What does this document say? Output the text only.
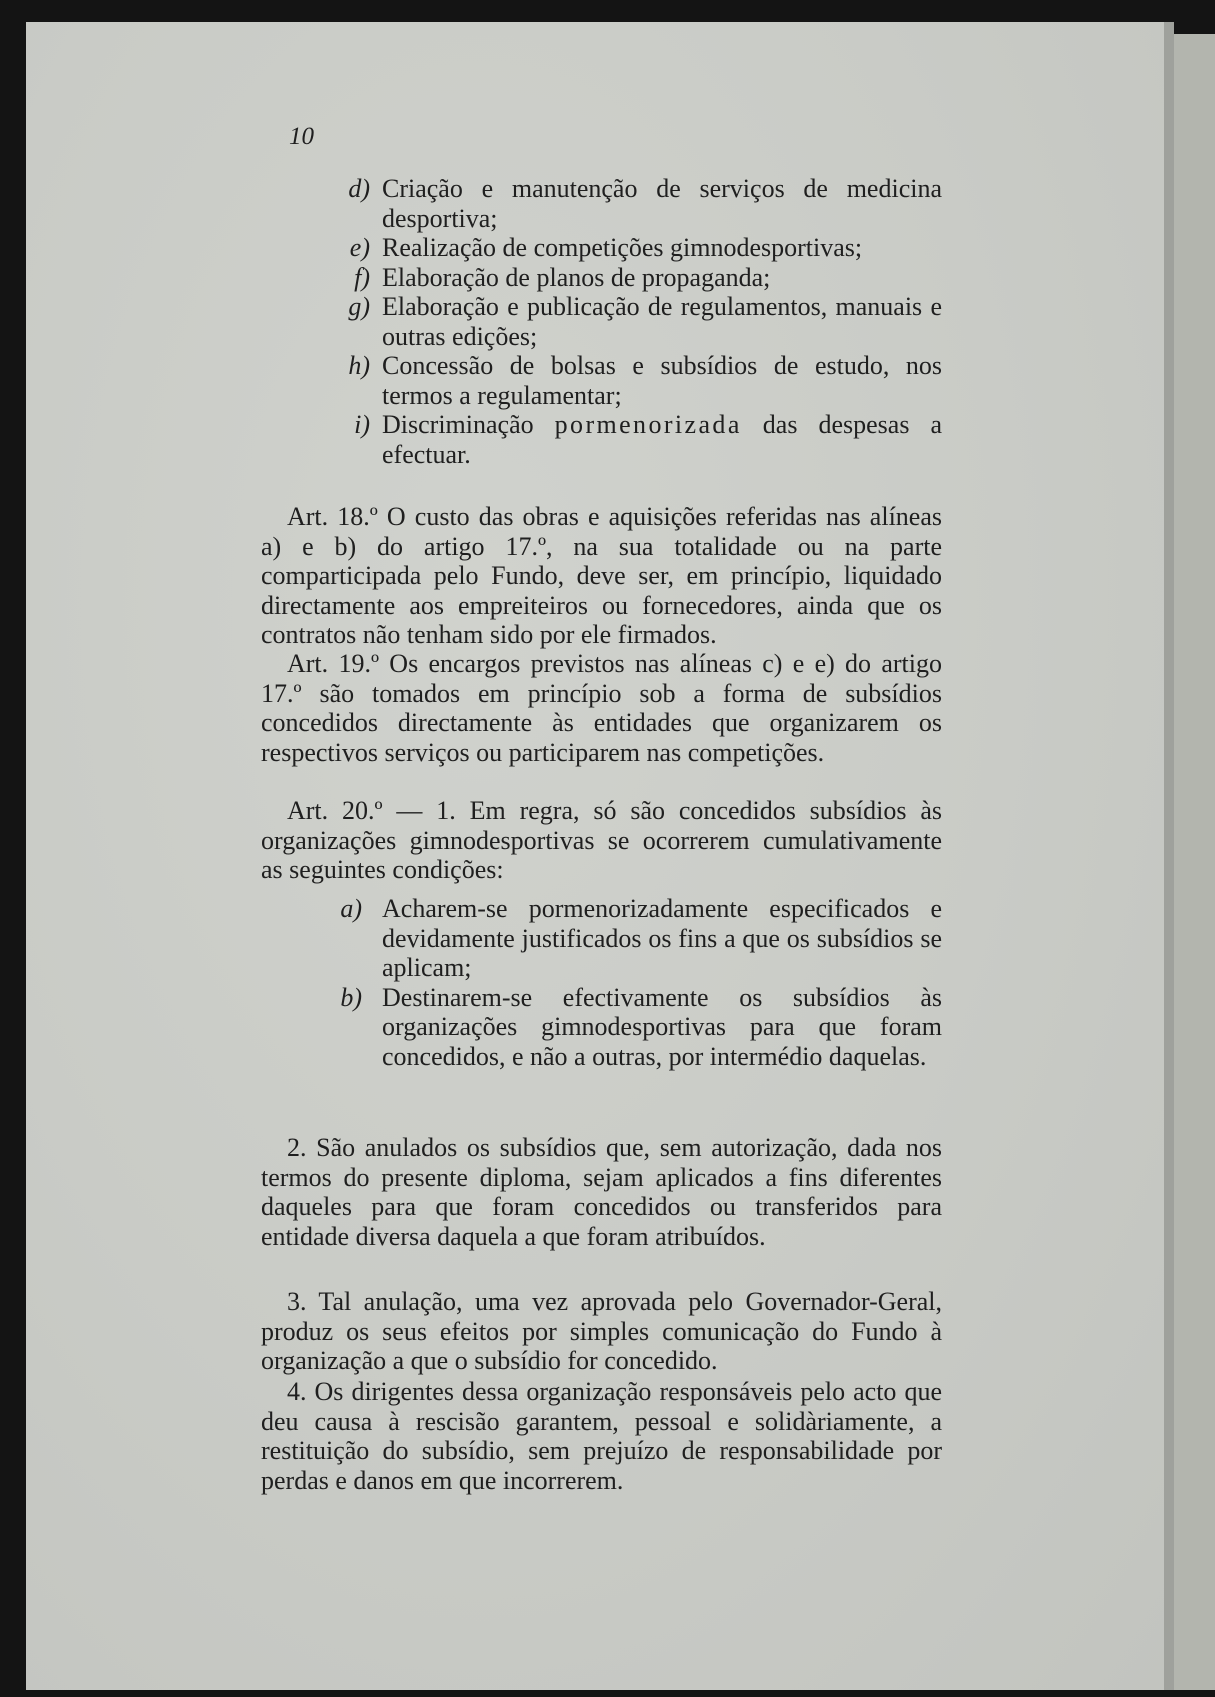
10
d) Criação e manutenção de serviços de medicina desportiva;
e) Realização de competições gimnodesportivas;
f) Elaboração de planos de propaganda;
g) Elaboração e publicação de regulamentos, manuais e outras edições;
h) Concessão de bolsas e subsídios de estudo, nos termos a regulamentar;
i) Discriminação pormenorizada das despesas a efectuar.

Art. 18.º O custo das obras e aquisições referidas nas alíneas a) e b) do artigo 17.º, na sua totalidade ou na parte comparticipada pelo Fundo, deve ser, em princípio, liquidado directamente aos empreiteiros ou fornecedores, ainda que os contratos não tenham sido por ele firmados.

Art. 19.º Os encargos previstos nas alíneas c) e e) do artigo 17.º são tomados em princípio sob a forma de subsídios concedidos directamente às entidades que organizarem os respectivos serviços ou participarem nas competições.

Art. 20.º — 1. Em regra, só são concedidos subsídios às organizações gimnodesportivas se ocorrerem cumulativamente as seguintes condições:

a) Acharem-se pormenorizadamente especificados e devidamente justificados os fins a que os subsídios se aplicam;
b) Destinarem-se efectivamente os subsídios às organizações gimnodesportivas para que foram concedidos, e não a outras, por intermédio daquelas.

2. São anulados os subsídios que, sem autorização, dada nos termos do presente diploma, sejam aplicados a fins diferentes daqueles para que foram concedidos ou transferidos para entidade diversa daquela a que foram atribuídos.

3. Tal anulação, uma vez aprovada pelo Governador-Geral, produz os seus efeitos por simples comunicação do Fundo à organização a que o subsídio for concedido.

4. Os dirigentes dessa organização responsáveis pelo acto que deu causa à rescisão garantem, pessoal e solidàriamente, a restituição do subsídio, sem prejuízo de responsabilidade por perdas e danos em que incorrerem.
